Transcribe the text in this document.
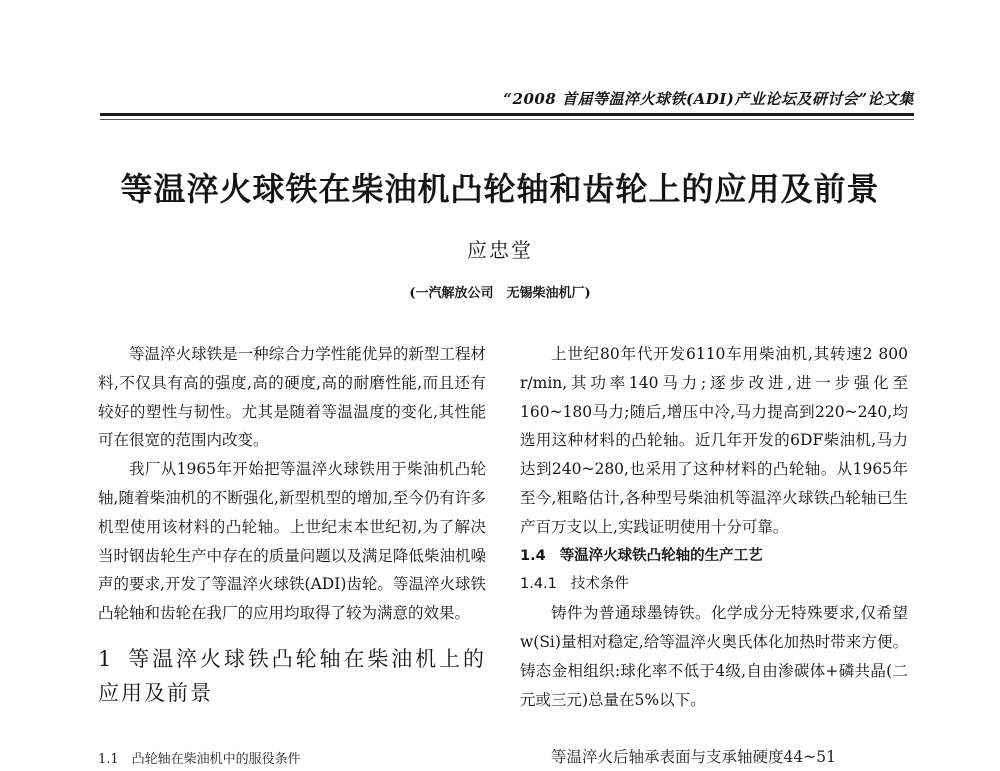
“2008 首届等温淬火球铁(ADI)产业论坛及研讨会”论文集
等温淬火球铁在柴油机凸轮轴和齿轮上的应用及前景
应忠堂
(一汽解放公司　无锡柴油机厂)

等温淬火球铁是一种综合力学性能优异的新型工程材料,不仅具有高的强度,高的硬度,高的耐磨性能,而且还有较好的塑性与韧性。尤其是随着等温温度的变化,其性能可在很宽的范围内改变。

我厂从1965年开始把等温淬火球铁用于柴油机凸轮轴,随着柴油机的不断强化,新型机型的增加,至今仍有许多机型使用该材料的凸轮轴。上世纪末本世纪初,为了解决当时钢齿轮生产中存在的质量问题以及满足降低柴油机噪声的要求,开发了等温淬火球铁(ADI)齿轮。等温淬火球铁凸轮轴和齿轮在我厂的应用均取得了较为满意的效果。

1 等温淬火球铁凸轮轴在柴油机上的应用及前景
1.1　凸轮轴在柴油机中的服役条件

上世纪80年代开发6110车用柴油机,其转速2 800 r/min,其功率140马力;逐步改进,进一步强化至160~180马力;随后,增压中冷,马力提高到220~240,均选用这种材料的凸轮轴。近几年开发的6DF柴油机,马力达到240~280,也采用了这种材料的凸轮轴。从1965年至今,粗略估计,各种型号柴油机等温淬火球铁凸轮轴已生产百万支以上,实践证明使用十分可靠。

1.4 等温淬火球铁凸轮轴的生产工艺
1.4.1 技术条件

铸件为普通球墨铸铁。化学成分无特殊要求,仅希望w(Si)量相对稳定,给等温淬火奥氏体化加热时带来方便。铸态金相组织:球化率不低于4级,自由渗碳体+磷共晶(二元或三元)总量在5%以下。

等温淬火后轴承表面与支承轴硬度44~51
